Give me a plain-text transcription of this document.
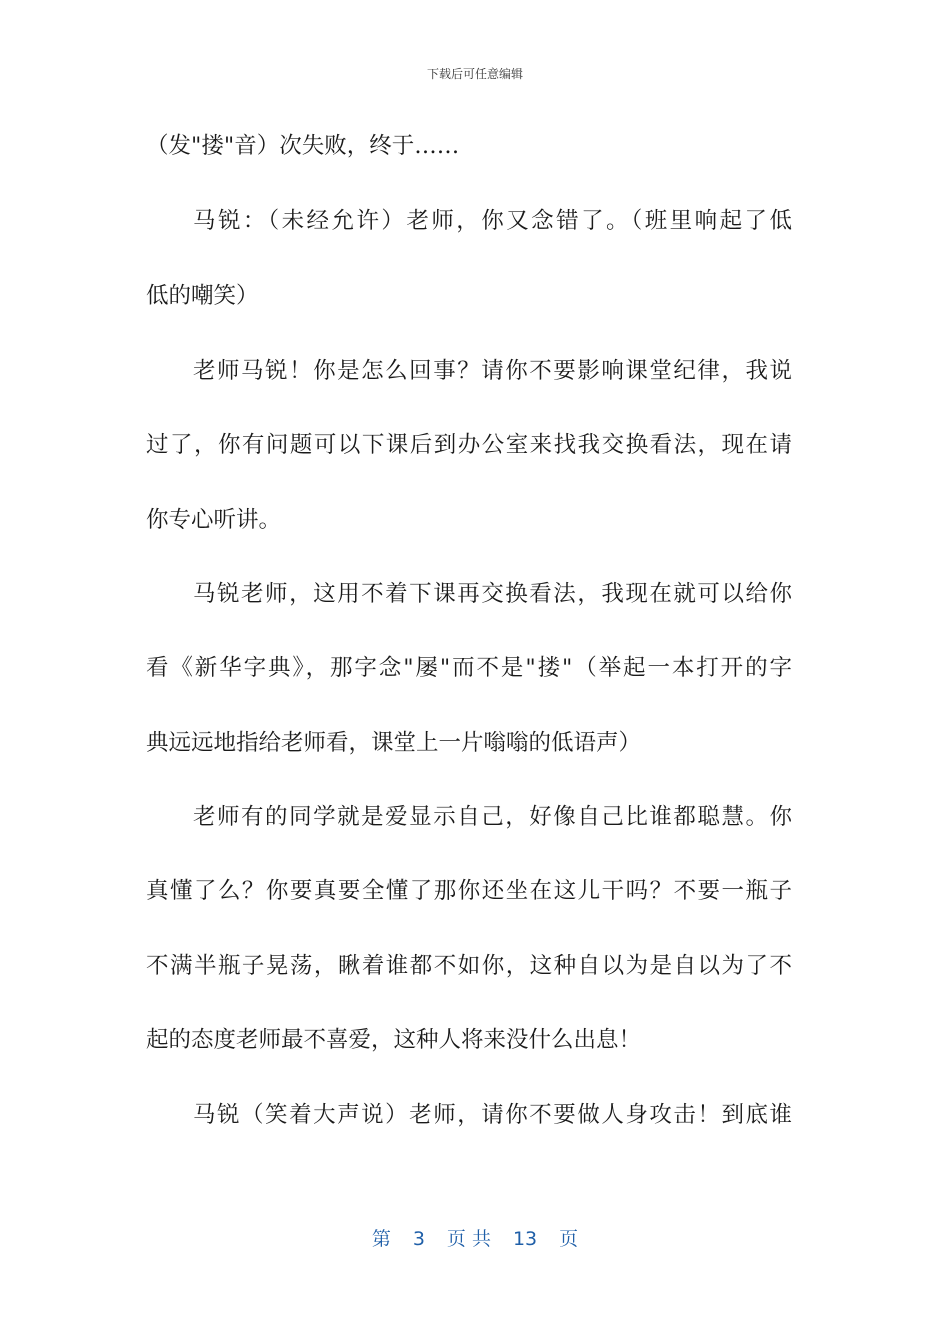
下载后可任意编辑
（发"搂"音）次失败，终于……
马锐：（未经允许）老师，你又念错了。（班里响起了低
低的嘲笑）
老师马锐！你是怎么回事？请你不要影响课堂纪律，我说
过了，你有问题可以下课后到办公室来找我交换看法，现在请
你专心听讲。
马锐老师，这用不着下课再交换看法，我现在就可以给你
看《新华字典》，那字念"屡"而不是"搂"（举起一本打开的字
典远远地指给老师看，课堂上一片嗡嗡的低语声）
老师有的同学就是爱显示自己，好像自己比谁都聪慧。你
真懂了么？你要真要全懂了那你还坐在这儿干吗？不要一瓶子
不满半瓶子晃荡，瞅着谁都不如你，这种自以为是自以为了不
起的态度老师最不喜爱，这种人将来没什么出息！
马锐（笑着大声说）老师，请你不要做人身攻击！到底谁
第 3 页 共 13 页
